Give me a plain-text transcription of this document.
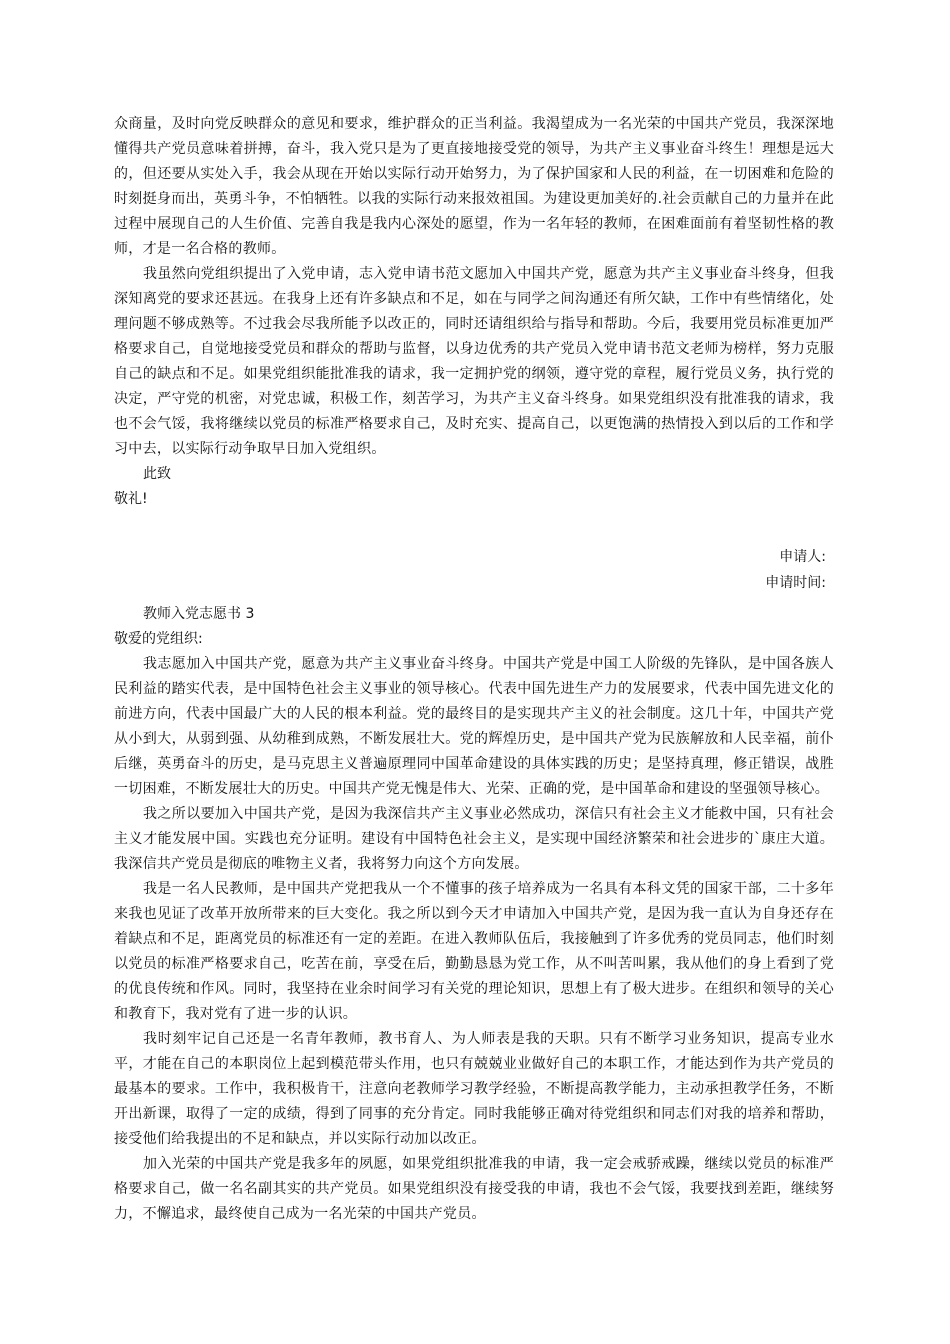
众商量，及时向党反映群众的意见和要求，维护群众的正当利益。我渴望成为一名光荣的中国共产党员，我深深地懂得共产党员意味着拼搏，奋斗，我入党只是为了更直接地接受党的领导，为共产主义事业奋斗终生！理想是远大的，但还要从实处入手，我会从现在开始以实际行动开始努力，为了保护国家和人民的利益，在一切困难和危险的时刻挺身而出，英勇斗争，不怕牺牲。以我的实际行动来报效祖国。为建设更加美好的.社会贡献自己的力量并在此过程中展现自己的人生价值、完善自我是我内心深处的愿望，作为一名年轻的教师，在困难面前有着坚韧性格的教师，才是一名合格的教师。

我虽然向党组织提出了入党申请，志入党申请书范文愿加入中国共产党，愿意为共产主义事业奋斗终身，但我深知离党的要求还甚远。在我身上还有许多缺点和不足，如在与同学之间沟通还有所欠缺，工作中有些情绪化，处理问题不够成熟等。不过我会尽我所能予以改正的，同时还请组织给与指导和帮助。今后，我要用党员标准更加严格要求自己，自觉地接受党员和群众的帮助与监督，以身边优秀的共产党员入党申请书范文老师为榜样，努力克服自己的缺点和不足。如果党组织能批准我的请求，我一定拥护党的纲领，遵守党的章程，履行党员义务，执行党的决定，严守党的机密，对党忠诚，积极工作，刻苦学习，为共产主义奋斗终身。如果党组织没有批准我的请求，我也不会气馁，我将继续以党员的标准严格要求自己，及时充实、提高自己，以更饱满的热情投入到以后的工作和学习中去，以实际行动争取早日加入党组织。

此致

敬礼!

申请人:

申请时间:

教师入党志愿书 3

敬爱的党组织:

我志愿加入中国共产党，愿意为共产主义事业奋斗终身。中国共产党是中国工人阶级的先锋队，是中国各族人民利益的踏实代表，是中国特色社会主义事业的领导核心。代表中国先进生产力的发展要求，代表中国先进文化的前进方向，代表中国最广大的人民的根本利益。党的最终目的是实现共产主义的社会制度。这几十年，中国共产党从小到大，从弱到强、从幼稚到成熟，不断发展壮大。党的辉煌历史，是中国共产党为民族解放和人民幸福，前仆后继，英勇奋斗的历史，是马克思主义普遍原理同中国革命建设的具体实践的历史；是坚持真理，修正错误，战胜一切困难，不断发展壮大的历史。中国共产党无愧是伟大、光荣、正确的党，是中国革命和建设的坚强领导核心。

我之所以要加入中国共产党，是因为我深信共产主义事业必然成功，深信只有社会主义才能救中国，只有社会主义才能发展中国。实践也充分证明。建设有中国特色社会主义，是实现中国经济繁荣和社会进步的`康庄大道。我深信共产党员是彻底的唯物主义者，我将努力向这个方向发展。

我是一名人民教师，是中国共产党把我从一个不懂事的孩子培养成为一名具有本科文凭的国家干部，二十多年来我也见证了改革开放所带来的巨大变化。我之所以到今天才申请加入中国共产党，是因为我一直认为自身还存在着缺点和不足，距离党员的标准还有一定的差距。在进入教师队伍后，我接触到了许多优秀的党员同志，他们时刻以党员的标准严格要求自己，吃苦在前，享受在后，勤勤恳恳为党工作，从不叫苦叫累，我从他们的身上看到了党的优良传统和作风。同时，我坚持在业余时间学习有关党的理论知识，思想上有了极大进步。在组织和领导的关心和教育下，我对党有了进一步的认识。

我时刻牢记自己还是一名青年教师，教书育人、为人师表是我的天职。只有不断学习业务知识，提高专业水平，才能在自己的本职岗位上起到模范带头作用，也只有兢兢业业做好自己的本职工作，才能达到作为共产党员的最基本的要求。工作中，我积极肯干，注意向老教师学习教学经验，不断提高教学能力，主动承担教学任务，不断开出新课，取得了一定的成绩，得到了同事的充分肯定。同时我能够正确对待党组织和同志们对我的培养和帮助，接受他们给我提出的不足和缺点，并以实际行动加以改正。

加入光荣的中国共产党是我多年的夙愿，如果党组织批准我的申请，我一定会戒骄戒躁，继续以党员的标准严格要求自己，做一名名副其实的共产党员。如果党组织没有接受我的申请，我也不会气馁，我要找到差距，继续努力，不懈追求，最终使自己成为一名光荣的中国共产党员。
